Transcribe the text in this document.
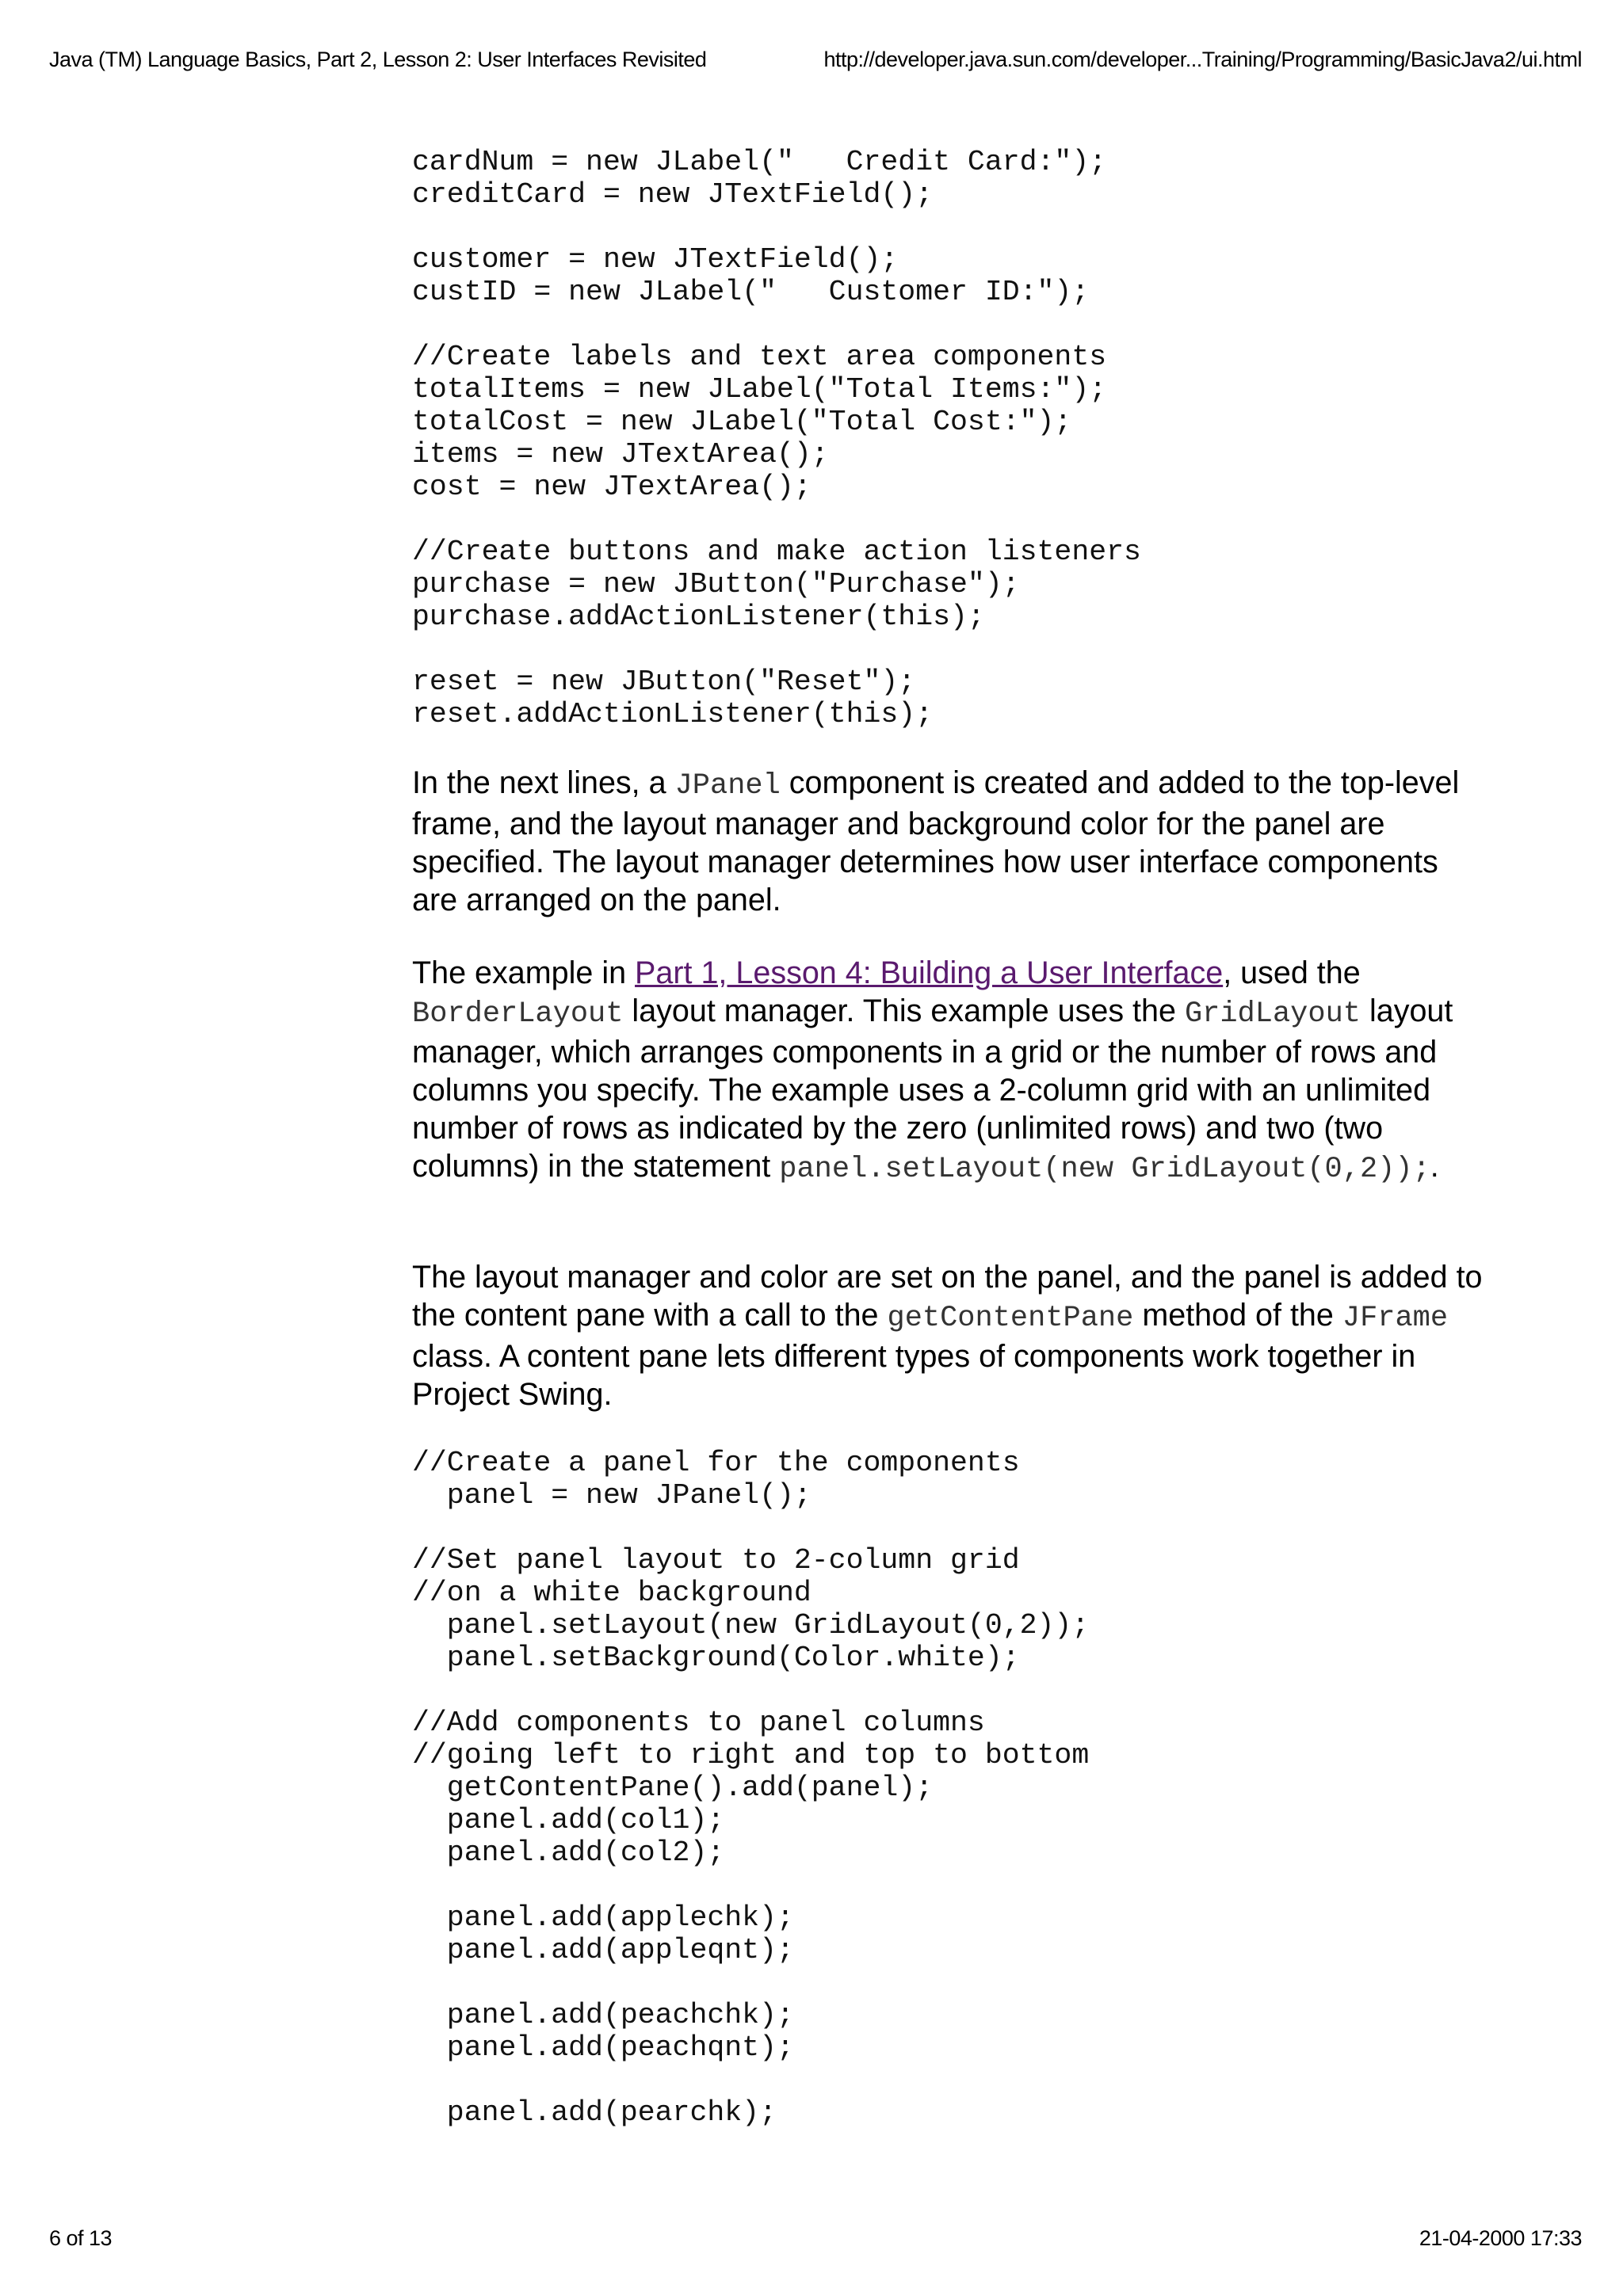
Java (TM) Language Basics, Part 2, Lesson 2: User Interfaces Revisited	http://developer.java.sun.com/developer...Training/Programming/BasicJava2/ui.html
cardNum = new JLabel("   Credit Card:");
creditCard = new JTextField();

customer = new JTextField();
custID = new JLabel("   Customer ID:");

//Create labels and text area components
totalItems = new JLabel("Total Items:");
totalCost = new JLabel("Total Cost:");
items = new JTextArea();
cost = new JTextArea();

//Create buttons and make action listeners
purchase = new JButton("Purchase");
purchase.addActionListener(this);

reset = new JButton("Reset");
reset.addActionListener(this);

In the next lines, a JPanel component is created and added to the top-level frame, and the layout manager and background color for the panel are specified. The layout manager determines how user interface components are arranged on the panel.

The example in Part 1, Lesson 4: Building a User Interface, used the BorderLayout layout manager. This example uses the GridLayout layout manager, which arranges components in a grid or the number of rows and columns you specify. The example uses a 2-column grid with an unlimited number of rows as indicated by the zero (unlimited rows) and two (two columns) in the statement panel.setLayout(new GridLayout(0,2));.

The layout manager and color are set on the panel, and the panel is added to the content pane with a call to the getContentPane method of the JFrame class. A content pane lets different types of components work together in Project Swing.

//Create a panel for the components
panel = new JPanel();

//Set panel layout to 2-column grid
//on a white background
panel.setLayout(new GridLayout(0,2));
panel.setBackground(Color.white);

//Add components to panel columns
//going left to right and top to bottom
getContentPane().add(panel);
panel.add(col1);
panel.add(col2);

panel.add(applechk);
panel.add(appleqnt);

panel.add(peachchk);
panel.add(peachqnt);

panel.add(pearchk);
6 of 13	21-04-2000 17:33
